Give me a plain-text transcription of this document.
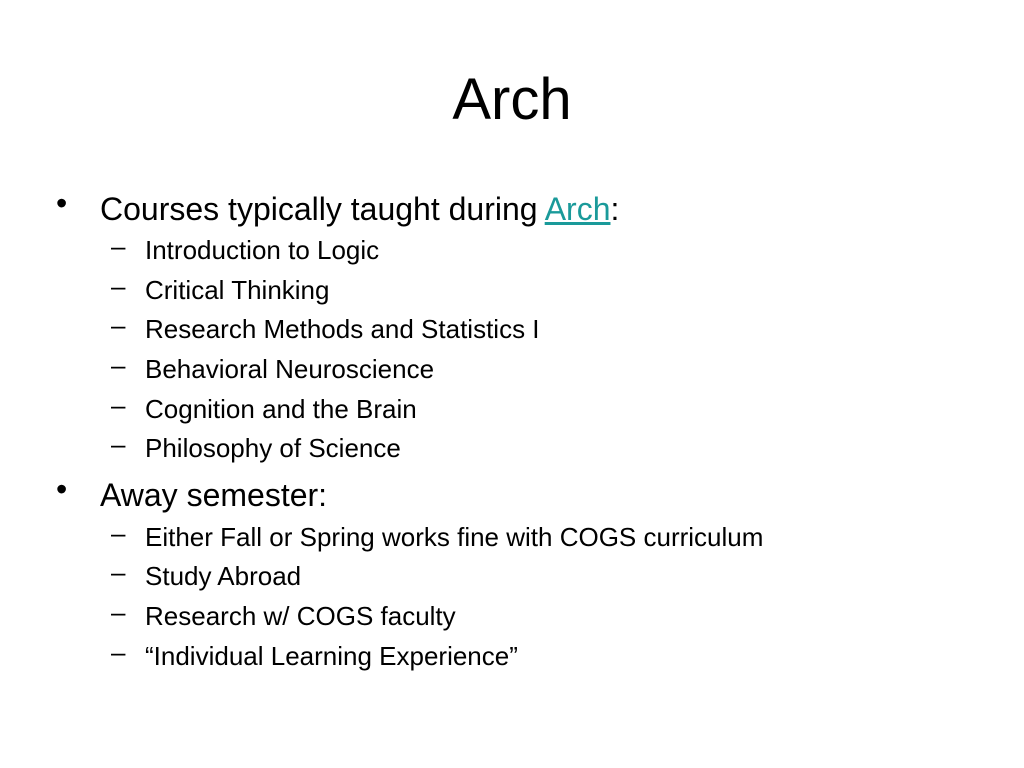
Arch
• Courses typically taught during Arch:
– Introduction to Logic
– Critical Thinking
– Research Methods and Statistics I
– Behavioral Neuroscience
– Cognition and the Brain
– Philosophy of Science
• Away semester:
– Either Fall or Spring works fine with COGS curriculum
– Study Abroad
– Research w/ COGS faculty
– “Individual Learning Experience”
